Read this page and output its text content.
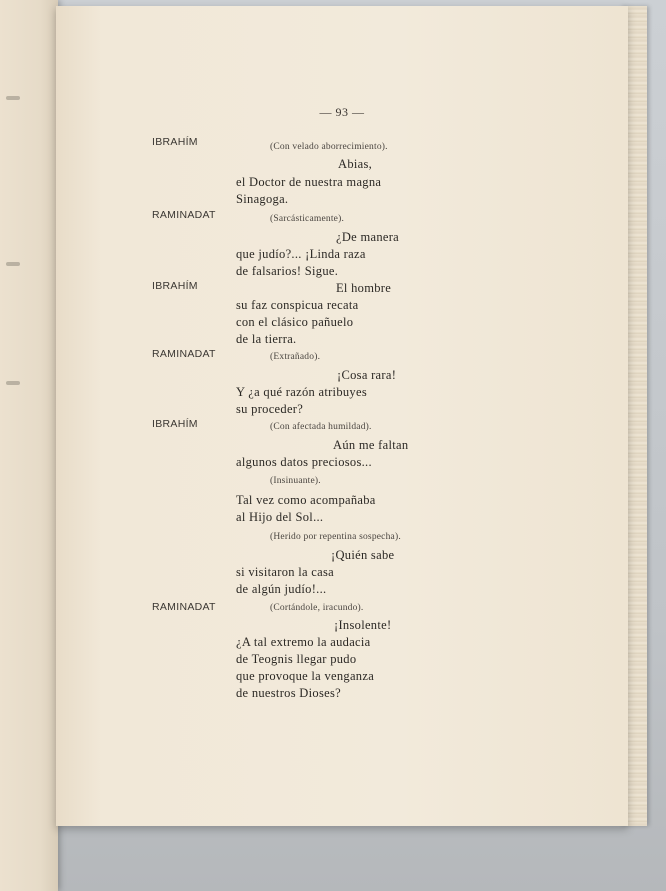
— 93 —
IBRAHÍM	(Con velado aborrecimiento).
Abias,
el Doctor de nuestra magna
Sinagoga.
RAMINADAT	(Sarcásticamente).
¿De manera
que judío?... ¡Linda raza
de falsarios! Sigue.
IBRAHÍM	El hombre
su faz conspicua recata
con el clásico pañuelo
de la tierra.
RAMINADAT	(Extrañado).
¡Cosa rara!
Y ¿a qué razón atribuyes
su proceder?
IBRAHÍM	(Con afectada humildad).
Aún me faltan
algunos datos preciosos...
(Insinuante).
Tal vez como acompañaba
al Hijo del Sol...
(Herido por repentina sospecha).
¡Quién sabe
si visitaron la casa
de algún judío!...
RAMINADAT	(Cortándole, iracundo).
¡Insolente!
¿A tal extremo la audacia
de Teognis llegar pudo
que provoque la venganza
de nuestros Dioses?
